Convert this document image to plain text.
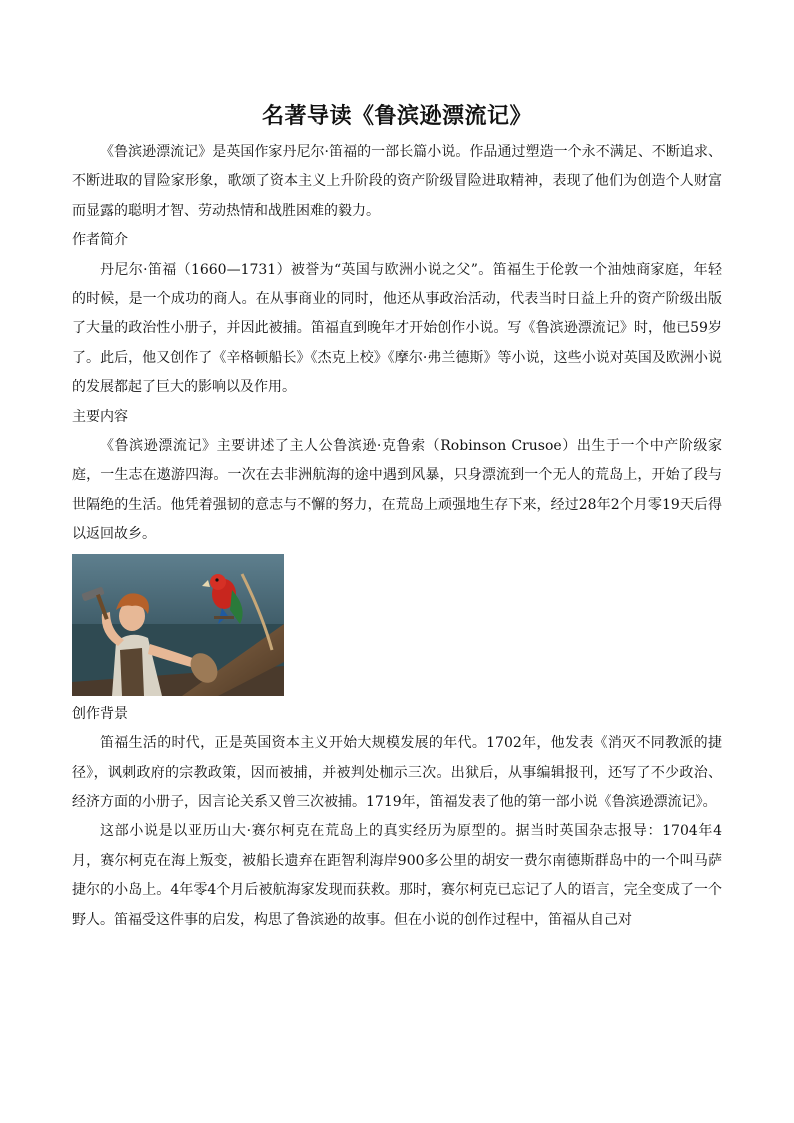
名著导读《鲁滨逊漂流记》

《鲁滨逊漂流记》是英国作家丹尼尔·笛福的一部长篇小说。作品通过塑造一个永不满足、不断追求、不断进取的冒险家形象，歌颂了资本主义上升阶段的资产阶级冒险进取精神，表现了他们为创造个人财富而显露的聪明才智、劳动热情和战胜困难的毅力。

作者简介

丹尼尔·笛福（1660—1731）被誉为“英国与欧洲小说之父”。笛福生于伦敦一个油烛商家庭，年轻的时候，是一个成功的商人。在从事商业的同时，他还从事政治活动，代表当时日益上升的资产阶级出版了大量的政治性小册子，并因此被捕。笛福直到晚年才开始创作小说。写《鲁滨逊漂流记》时，他已59岁了。此后，他又创作了《辛格顿船长》《杰克上校》《摩尔·弗兰德斯》等小说，这些小说对英国及欧洲小说的发展都起了巨大的影响以及作用。

主要内容

《鲁滨逊漂流记》主要讲述了主人公鲁滨逊·克鲁索（Robinson Crusoe）出生于一个中产阶级家庭，一生志在遨游四海。一次在去非洲航海的途中遇到风暴，只身漂流到一个无人的荒岛上，开始了段与世隔绝的生活。他凭着强韧的意志与不懈的努力，在荒岛上顽强地生存下来，经过28年2个月零19天后得以返回故乡。

创作背景

笛福生活的时代，正是英国资本主义开始大规模发展的年代。1702年，他发表《消灭不同教派的捷径》，讽刺政府的宗教政策，因而被捕，并被判处枷示三次。出狱后，从事编辑报刊，还写了不少政治、经济方面的小册子，因言论关系又曾三次被捕。1719年，笛福发表了他的第一部小说《鲁滨逊漂流记》。

这部小说是以亚历山大·赛尔柯克在荒岛上的真实经历为原型的。据当时英国杂志报导：1704年4月，赛尔柯克在海上叛变，被船长遗弃在距智利海岸900多公里的胡安一费尔南德斯群岛中的一个叫马萨捷尔的小岛上。4年零4个月后被航海家发现而获救。那时，赛尔柯克已忘记了人的语言，完全变成了一个野人。笛福受这件事的启发，构思了鲁滨逊的故事。但在小说的创作过程中，笛福从自己对
